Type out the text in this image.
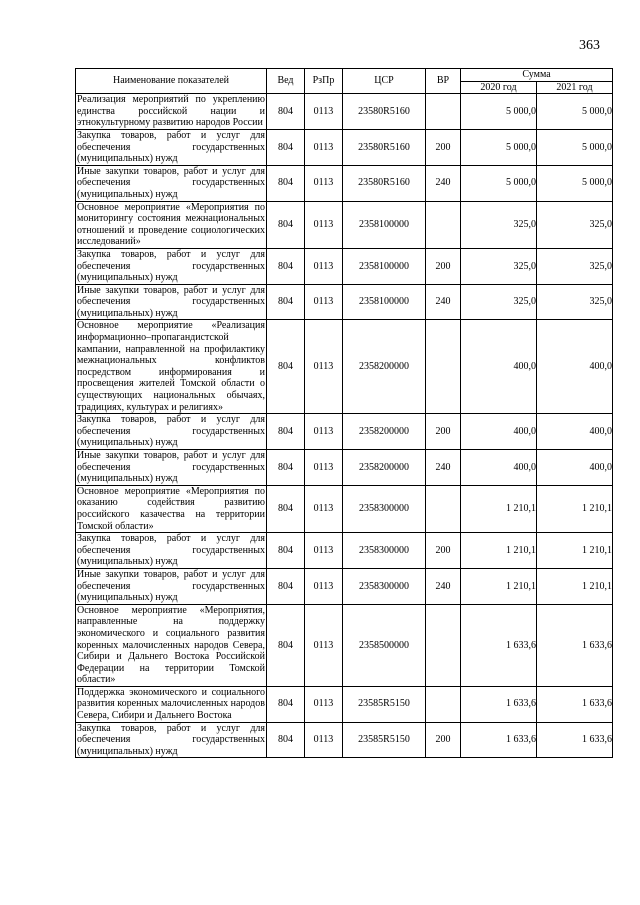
363
Наименование показателей	Вед	РзПр	ЦСР	ВР	Сумма	
					2020 год	2021 год
Реализация мероприятий по укреплению единства российской нации и этнокультурному развитию народов России	804	0113	23580R5160		5 000,0	5 000,0
Закупка товаров, работ и услуг для обеспечения государственных (муниципальных) нужд	804	0113	23580R5160	200	5 000,0	5 000,0
Иные закупки товаров, работ и услуг для обеспечения государственных (муниципальных) нужд	804	0113	23580R5160	240	5 000,0	5 000,0
Основное мероприятие «Мероприятия по мониторингу состояния межнациональных отношений и проведение социологических исследований»	804	0113	2358100000		325,0	325,0
Закупка товаров, работ и услуг для обеспечения государственных (муниципальных) нужд	804	0113	2358100000	200	325,0	325,0
Иные закупки товаров, работ и услуг для обеспечения государственных (муниципальных) нужд	804	0113	2358100000	240	325,0	325,0
Основное мероприятие «Реализация информационно–пропагандистской кампании, направленной на профилактику межнациональных конфликтов посредством информирования и просвещения жителей Томской области о существующих национальных обычаях, традициях, культурах и религиях»	804	0113	2358200000		400,0	400,0
Закупка товаров, работ и услуг для обеспечения государственных (муниципальных) нужд	804	0113	2358200000	200	400,0	400,0
Иные закупки товаров, работ и услуг для обеспечения государственных (муниципальных) нужд	804	0113	2358200000	240	400,0	400,0
Основное мероприятие «Мероприятия по оказанию содействия развитию российского казачества на территории Томской области»	804	0113	2358300000		1 210,1	1 210,1
Закупка товаров, работ и услуг для обеспечения государственных (муниципальных) нужд	804	0113	2358300000	200	1 210,1	1 210,1
Иные закупки товаров, работ и услуг для обеспечения государственных (муниципальных) нужд	804	0113	2358300000	240	1 210,1	1 210,1
Основное мероприятие «Мероприятия, направленные на поддержку экономического и социального развития коренных малочисленных народов Севера, Сибири и Дальнего Востока Российской Федерации на территории Томской области»	804	0113	2358500000		1 633,6	1 633,6
Поддержка экономического и социального развития коренных малочисленных народов Севера, Сибири и Дальнего Востока	804	0113	23585R5150		1 633,6	1 633,6
Закупка товаров, работ и услуг для обеспечения государственных (муниципальных) нужд	804	0113	23585R5150	200	1 633,6	1 633,6
